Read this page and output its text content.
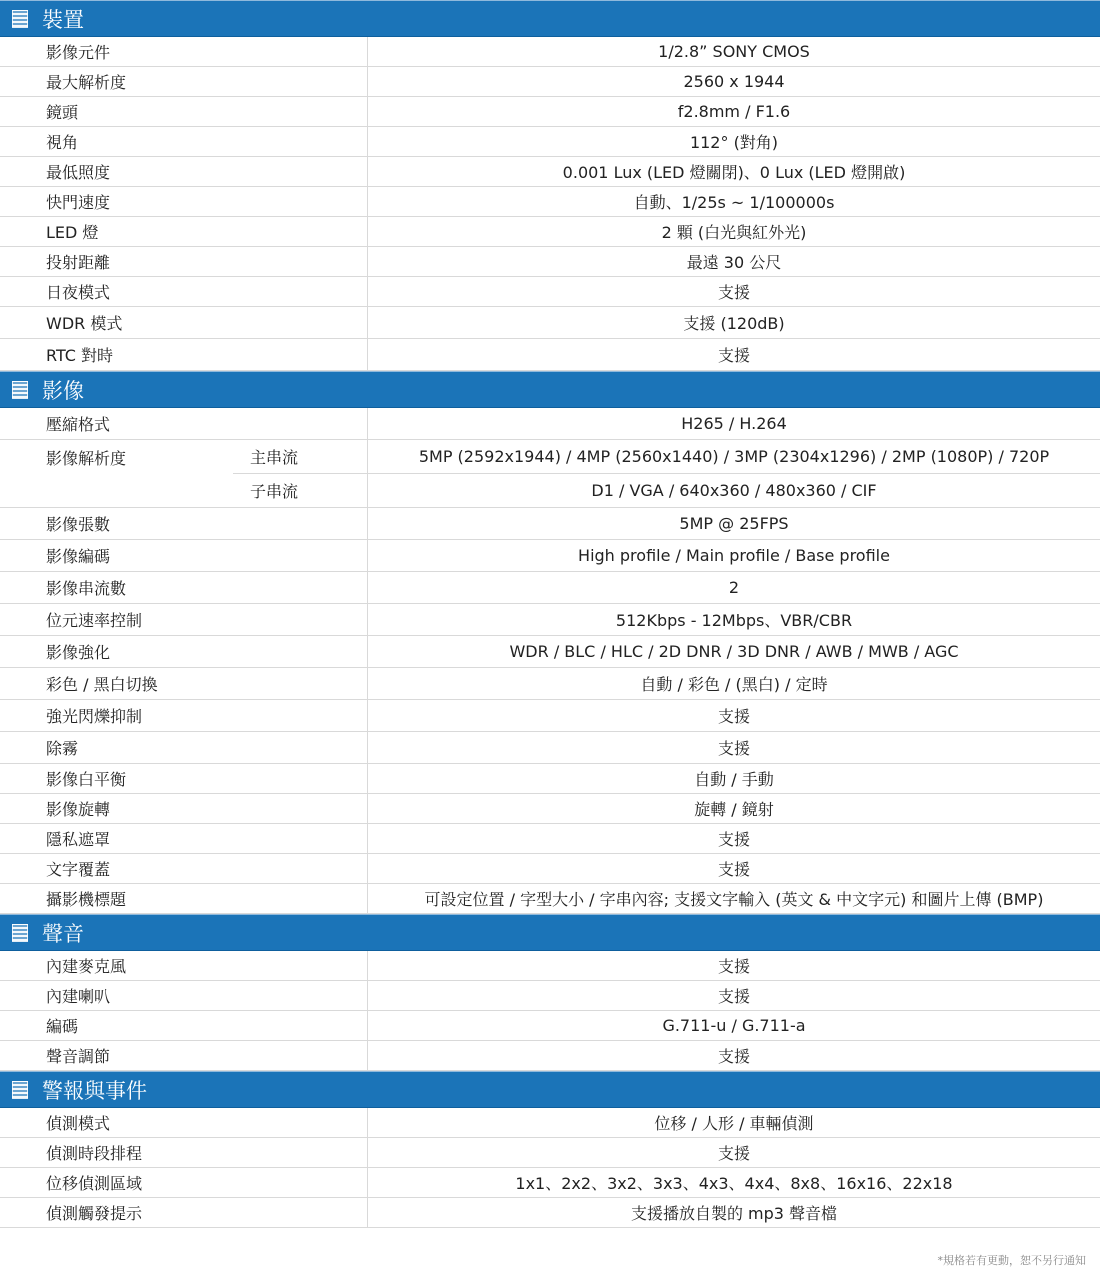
裝置
影像元件	1/2.8” SONY CMOS
最大解析度	2560 x 1944
鏡頭	f2.8mm / F1.6
視角	112° (對角)
最低照度	0.001 Lux (LED 燈關閉)、0 Lux (LED 燈開啟)
快門速度	自動、1/25s ~ 1/100000s
LED 燈	2 顆 (白光與紅外光)
投射距離	最遠 30 公尺
日夜模式	支援
WDR 模式	支援 (120dB)
RTC 對時	支援
影像
壓縮格式	H265 / H.264
影像解析度	主串流	5MP (2592x1944) / 4MP (2560x1440) / 3MP (2304x1296) / 2MP (1080P) / 720P
子串流	D1 / VGA / 640x360 / 480x360 / CIF
影像張數	5MP @ 25FPS
影像編碼	High profile / Main profile / Base profile
影像串流數	2
位元速率控制	512Kbps - 12Mbps、VBR/CBR
影像強化	WDR / BLC / HLC / 2D DNR / 3D DNR / AWB / MWB / AGC
彩色 / 黑白切換	自動 / 彩色 / (黑白) / 定時
強光閃爍抑制	支援
除霧	支援
影像白平衡	自動 / 手動
影像旋轉	旋轉 / 鏡射
隱私遮罩	支援
文字覆蓋	支援
攝影機標題	可設定位置 / 字型大小 / 字串內容; 支援文字輸入 (英文 & 中文字元) 和圖片上傳 (BMP)
聲音
內建麥克風	支援
內建喇叭	支援
編碼	G.711-u / G.711-a
聲音調節	支援
警報與事件
偵測模式	位移 / 人形 / 車輛偵測
偵測時段排程	支援
位移偵測區域	1x1、2x2、3x2、3x3、4x3、4x4、8x8、16x16、22x18
偵測觸發提示	支援播放自製的 mp3 聲音檔
*規格若有更動，恕不另行通知
